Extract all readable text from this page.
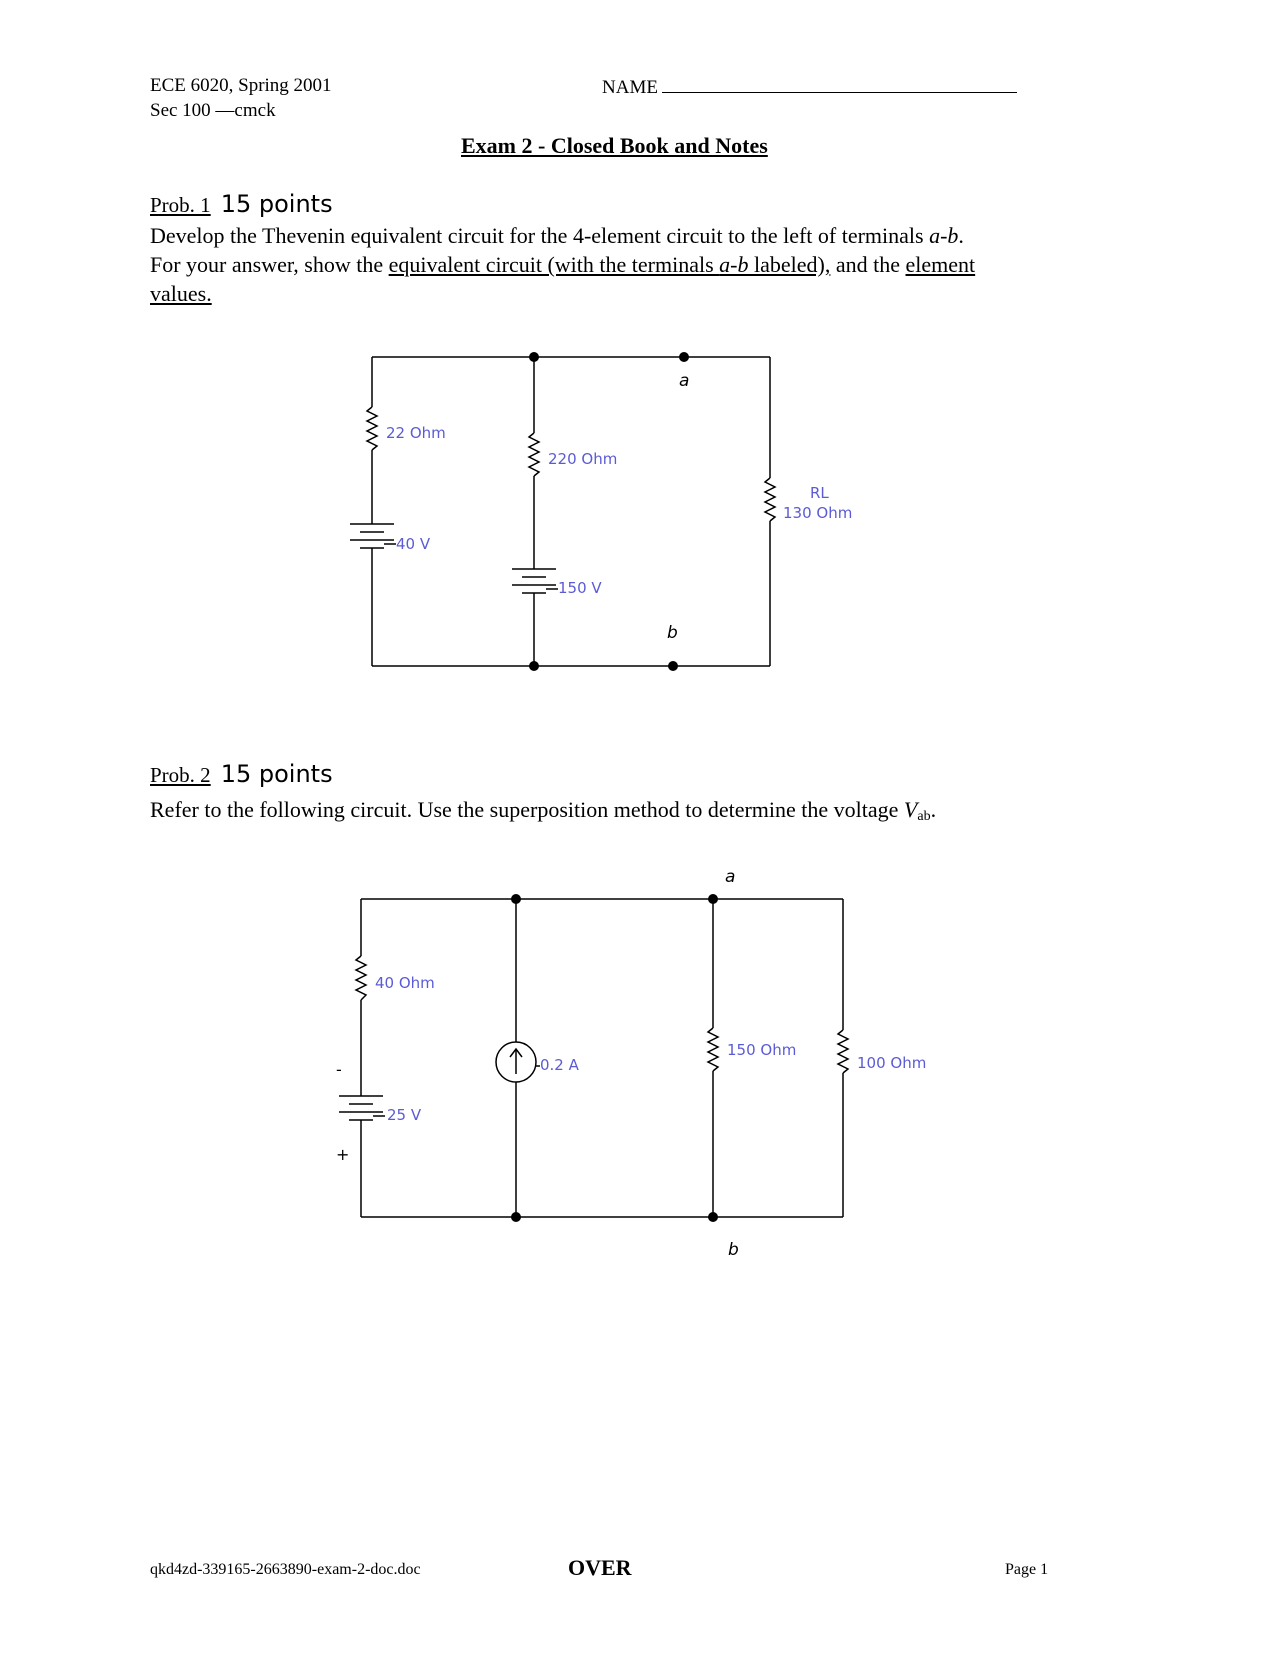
ECE 6020, Spring 2001
Sec 100 —cmck
NAME
Exam 2 - Closed Book and Notes
Prob. 1 15 points
Develop the Thevenin equivalent circuit for the 4-element circuit to the left of terminals a-b.
For your answer, show the equivalent circuit (with the terminals a-b labeled), and the element
values.
22 Ohm
40 V
220 Ohm
150 V
RL
130 Ohm
a
b
Prob. 2 15 points
Refer to the following circuit. Use the superposition method to determine the voltage $V_{ab}$.
40 Ohm
25 V
-
+
0.2 A
150 Ohm
100 Ohm
a
b
qkd4zd-339165-2663890-exam-2-doc.doc	OVER	Page 1
